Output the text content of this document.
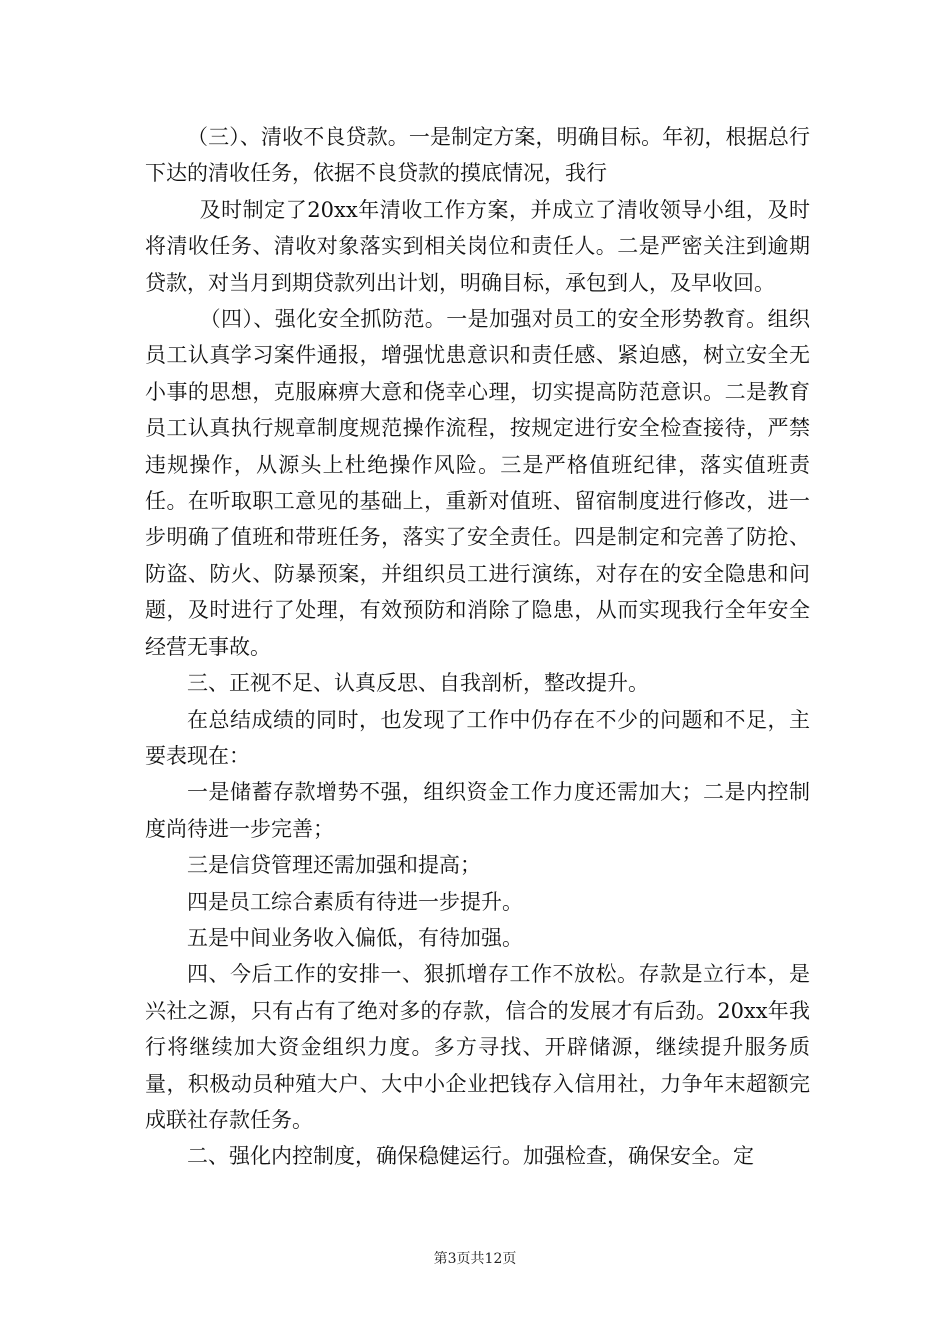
（三）、清收不良贷款。一是制定方案，明确目标。年初，根据总行下达的清收任务，依据不良贷款的摸底情况，我行

及时制定了20xx年清收工作方案，并成立了清收领导小组，及时将清收任务、清收对象落实到相关岗位和责任人。二是严密关注到逾期贷款，对当月到期贷款列出计划，明确目标，承包到人，及早收回。

（四）、强化安全抓防范。一是加强对员工的安全形势教育。组织员工认真学习案件通报，增强忧患意识和责任感、紧迫感，树立安全无小事的思想，克服麻痹大意和侥幸心理，切实提高防范意识。二是教育员工认真执行规章制度规范操作流程，按规定进行安全检查接待，严禁违规操作，从源头上杜绝操作风险。三是严格值班纪律，落实值班责任。在听取职工意见的基础上，重新对值班、留宿制度进行修改，进一步明确了值班和带班任务，落实了安全责任。四是制定和完善了防抢、防盗、防火、防暴预案，并组织员工进行演练，对存在的安全隐患和问题，及时进行了处理，有效预防和消除了隐患，从而实现我行全年安全经营无事故。

三、正视不足、认真反思、自我剖析，整改提升。

在总结成绩的同时，也发现了工作中仍存在不少的问题和不足，主要表现在：

一是储蓄存款增势不强，组织资金工作力度还需加大；二是内控制度尚待进一步完善；

三是信贷管理还需加强和提高；

四是员工综合素质有待进一步提升。

五是中间业务收入偏低，有待加强。

四、今后工作的安排一、狠抓增存工作不放松。存款是立行本，是兴社之源，只有占有了绝对多的存款，信合的发展才有后劲。20xx年我行将继续加大资金组织力度。多方寻找、开辟储源，继续提升服务质量，积极动员种殖大户、大中小企业把钱存入信用社，力争年末超额完成联社存款任务。

二、强化内控制度，确保稳健运行。加强检查，确保安全。定

第3页共12页
